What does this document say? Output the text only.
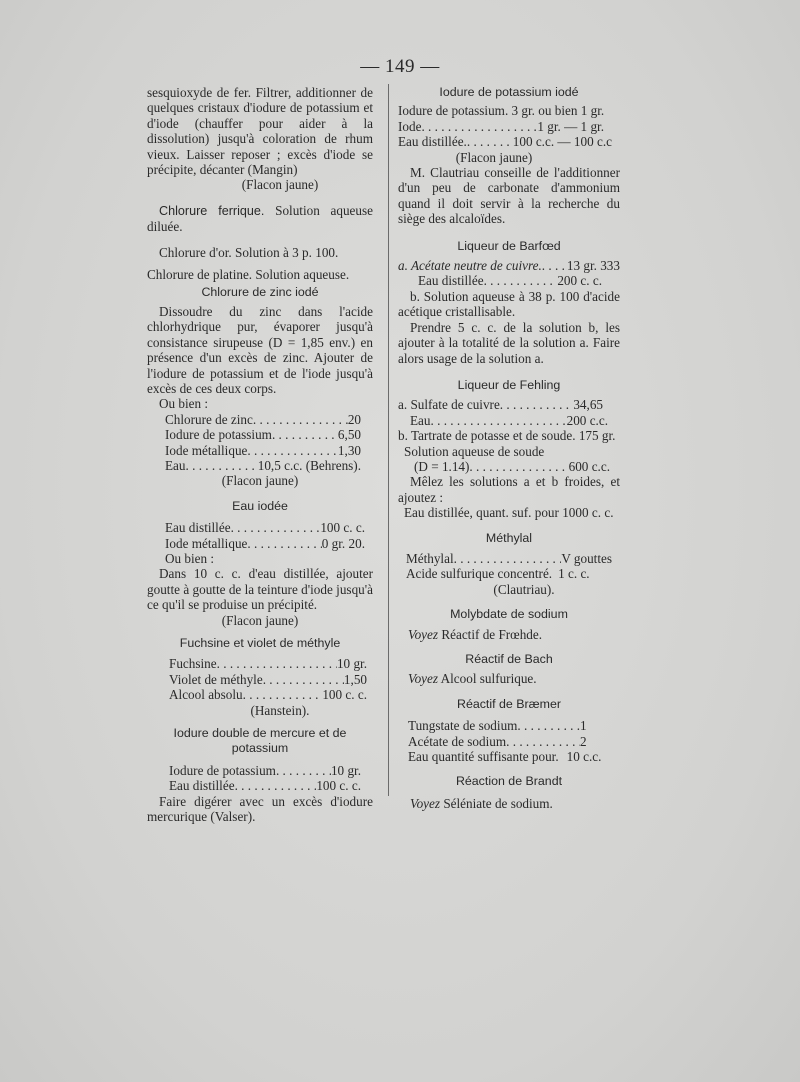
— 149 —

sesquioxyde de fer. Filtrer, additionner de quelques cristaux d'iodure de potassium et d'iode (chauffer pour aider à la dissolution) jusqu'à coloration de rhum vieux. Laisser reposer ; excès d'iode se précipite, décanter (Mangin)

(Flacon jaune)

Chlorure ferrique. Solution aqueuse diluée.

Chlorure d'or. Solution à 3 p. 100.

Chlorure de platine. Solution aqueuse.

Chlorure de zinc iodé

Dissoudre du zinc dans l'acide chlorhydrique pur, évaporer jusqu'à consistance sirupeuse (D = 1,85 env.) en présence d'un excès de zinc. Ajouter de l'iodure de potassium et de l'iode jusqu'à excès de ces deux corps.

Ou bien :

Chlorure de zinc . . .	20
Iodure de potassium . . .	6,50
Iode métallique . . .	1,30
Eau . . .	10,5 c.c. (Behrens).

(Flacon jaune)

Eau iodée

Eau distillée . . .	100 c. c.
Iode métallique . . .	0 gr. 20.

Ou bien :

Dans 10 c. c. d'eau distillée, ajouter goutte à goutte de la teinture d'iode jusqu'à ce qu'il se produise un précipité.

(Flacon jaune)

Fuchsine et violet de méthyle

Fuchsine . . .	10 gr.
Violet de méthyle . . .	1,50
Alcool absolu . . .	100 c. c.

(Hanstein).

Iodure double de mercure et de potassium

Iodure de potassium . . .	10 gr.
Eau distillée . . .	100 c. c.

Faire digérer avec un excès d'iodure mercurique (Valser).

Iodure de potassium iodé

Iodure de potassium. 3 gr. ou bien 1 gr.

Iode . . .	1 gr. — 1 gr.
Eau distillée. . . .	100 c.c. — 100 c.c

(Flacon jaune)

M. Clautriau conseille de l'additionner d'un peu de carbonate d'ammonium quand il doit servir à la recherche du siège des alcaloïdes.

Liqueur de Barfœd

a. Acétate neutre de cuivre. . . . 13 gr. 333
Eau distillée . . .	200 c. c.

b. Solution aqueuse à 38 p. 100 d'acide acétique cristallisable.

Prendre 5 c. c. de la solution b, les ajouter à la totalité de la solution a. Faire alors usage de la solution a.

Liqueur de Fehling

a. Sulfate de cuivre . . .	34,65
Eau . . .	200 c.c.

b. Tartrate de potasse et de soude. 175 gr.

Solution aqueuse de soude

(D = 1.14) . . .	600 c.c.

Mêlez les solutions a et b froides, et ajoutez :

Eau distillée, quant. suf. pour 1000 c. c.

Méthylal

Méthylal . . .	V gouttes
Acide sulfurique concentré. 1 c. c.

(Clautriau).

Molybdate de sodium

Voyez Réactif de Frœhde.

Réactif de Bach

Voyez Alcool sulfurique.

Réactif de Bræmer

Tungstate de sodium . . .	1
Acétate de sodium . . .	2
Eau quantité suffisante pour. 10 c.c.

Réaction de Brandt

Voyez Séléniate de sodium.
